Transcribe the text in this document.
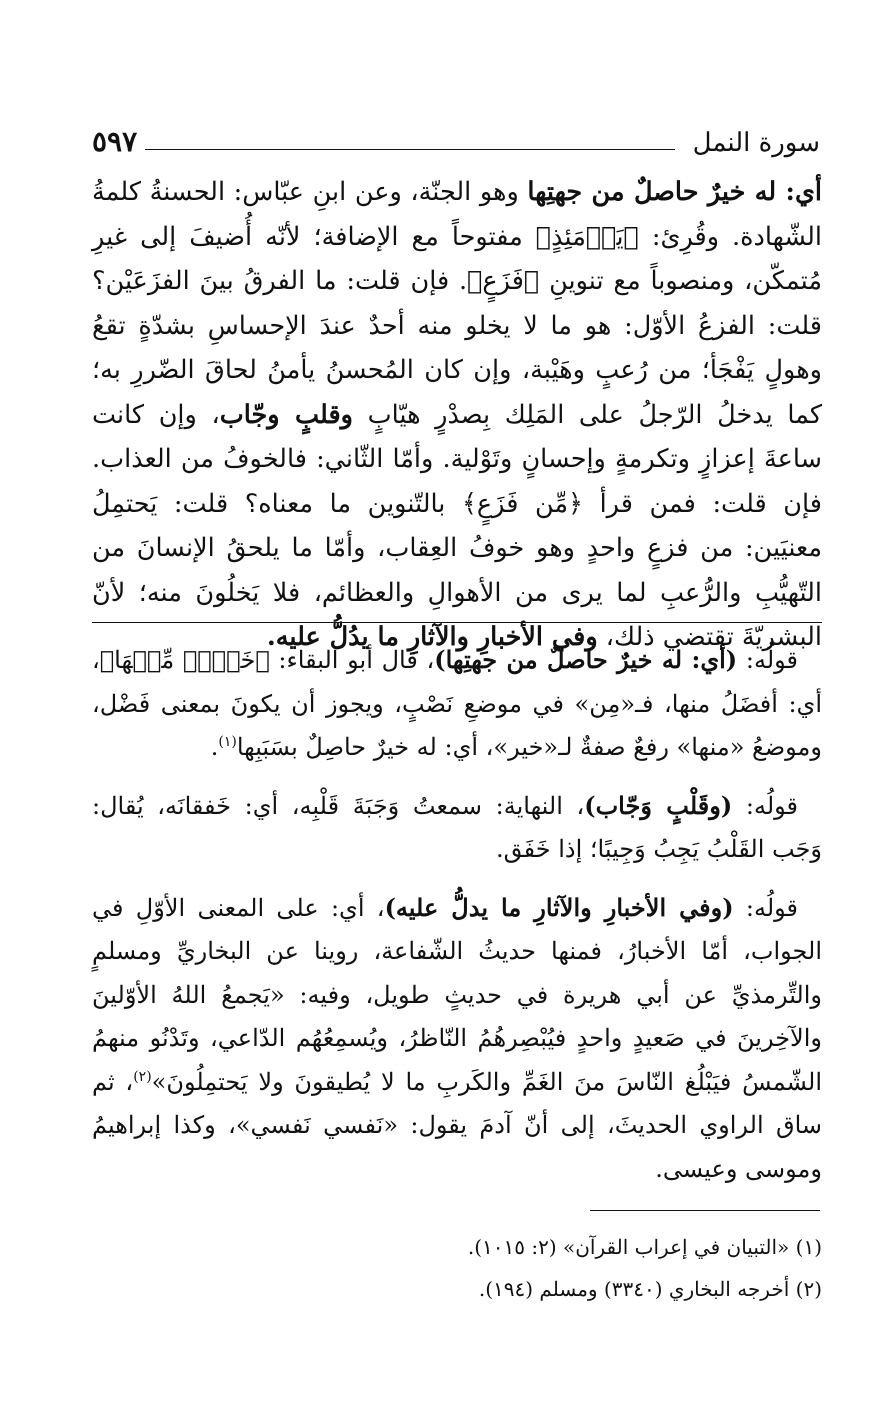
سورة النمل
٥٩٧

أي: له خيرٌ حاصلٌ من جهتِها وهو الجنّة، وعن ابنِ عبّاس: الحسنةُ كلمةُ الشّهادة. وقُرِئ: ﴿يَوۡمَئِذٍ﴾ مفتوحاً مع الإضافة؛ لأنّه أُضيفَ إلى غيرِ مُتمكّن، ومنصوباً مع تنوينِ ﴿فَزَعٍ﴾. فإن قلت: ما الفرقُ بينَ الفزَعَيْن؟ قلت: الفزعُ الأوّل: هو ما لا يخلو منه أحدٌ عندَ الإحساسِ بشدّةٍ تقعُ وهولٍ يَفْجَأ؛ من رُعبٍ وهَيْبة، وإن كان المُحسنُ يأمنُ لحاقَ الضّررِ به؛ كما يدخلُ الرّجلُ على المَلِك بِصدْرٍ هيّابٍ وقلبٍ وجّاب، وإن كانت ساعةَ إعزازٍ وتكرمةٍ وإحسانٍ وتَوْلية. وأمّا الثّاني: فالخوفُ من العذاب. فإن قلت: فمن قرأ ﴿مِّن فَزَعٍ﴾ بالتّنوين ما معناه؟ قلت: يَحتمِلُ معنيَين: من فزعٍ واحدٍ وهو خوفُ العِقاب، وأمّا ما يلحقُ الإنسانَ من التّهيُّبِ والرُّعبِ لما يرى من الأهوالِ والعظائم، فلا يَخلُونَ منه؛ لأنّ البشريّةَ تقتضي ذلك، وفي الأخبارِ والآثارِ ما يدُلُّ عليه.

قولُه: (أي: له خيرٌ حاصلٌ من جهتِها)، قال أبو البقاء: ﴿خَيۡرٞ مِّنۡهَا﴾، أي: أفضَلُ منها، فـ«مِن» في موضعِ نَصْبٍ، ويجوز أن يكونَ بمعنى فَضْل، وموضعُ «منها» رفعٌ صفةٌ لـ«خير»، أي: له خيرٌ حاصِلٌ بسَبَبِها$^{(١)}$.

قولُه: (وقَلْبٍ وَجّاب)، النهاية: سمعتُ وَجَبَةَ قَلْبِه، أي: خَفقانَه، يُقال: وَجَب القَلْبُ يَجِبُ وَجِيبًا؛ إذا خَفَق.

قولُه: (وفي الأخبارِ والآثارِ ما يدلُّ عليه)، أي: على المعنى الأوّلِ في الجواب، أمّا الأخبارُ، فمنها حديثُ الشّفاعة، روينا عن البخاريِّ ومسلمٍ والتِّرمذيِّ عن أبي هريرة في حديثٍ طويل، وفيه: «يَجمعُ اللهُ الأوّلينَ والآخِرينَ في صَعيدٍ واحدٍ فيُبْصِرهُمُ النّاظرُ، ويُسمِعُهُم الدّاعي، وتَدْنُو منهمُ الشّمسُ فيَبْلُغ النّاسَ منَ الغَمِّ والكَربِ ما لا يُطيقونَ ولا يَحتمِلُونَ»$^{(٢)}$، ثم ساق الراوي الحديثَ، إلى أنّ آدمَ يقول: «نَفسي نَفسي»، وكذا إبراهيمُ وموسى وعيسى.

(١) «التبيان في إعراب القرآن» (٢: ١٠١٥).

(٢) أخرجه البخاري (٣٣٤٠) ومسلم (١٩٤).
